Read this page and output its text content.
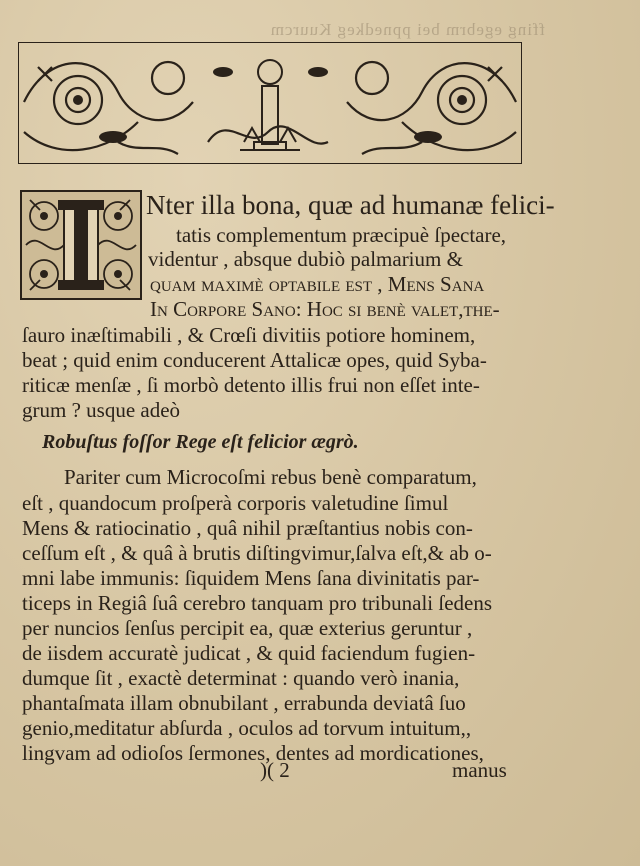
ffing egebrm bei ppnedkeg Kuurcm
Nter illa bona, quæ ad humanæ felici-
tatis complementum præcipuè ſpectare,
videntur , absque dubiò palmarium &
quam maximè optabile eſt , Mens Sana
In Corpore Sano: Hoc ſi benè valet,the-
ſauro inæſtimabili , & Crœſi divitiis potiore hominem,
beat ; quid enim conducerent Attalicæ opes, quid Syba-
riticæ menſæ , ſi morbò detento illis frui non eſſet inte-
grum ? usque adeò
Robuſtus foſſor Rege eſt felicior ægrò.
Pariter cum Microcoſmi rebus benè comparatum,
eſt , quandocum proſperà corporis valetudine ſimul
Mens & ratiocinatio , quâ nihil præſtantius nobis con-
ceſſum eſt , & quâ à brutis diſtingvimur,ſalva eſt,& ab o-
mni labe immunis: ſiquidem Mens ſana divinitatis par-
ticeps in Regiâ ſuâ cerebro tanquam pro tribunali ſedens
per nuncios ſenſus percipit ea, quæ exterius geruntur ,
de iisdem accuratè judicat , & quid faciendum fugien-
dumque ſit , exactè determinat : quando verò inania,
phantaſmata illam obnubilant , errabunda deviatâ ſuo
genio,meditatur abſurda , oculos ad torvum intuitum,,
lingvam ad odioſos ſermones, dentes ad mordicationes,
)( 2	manus
